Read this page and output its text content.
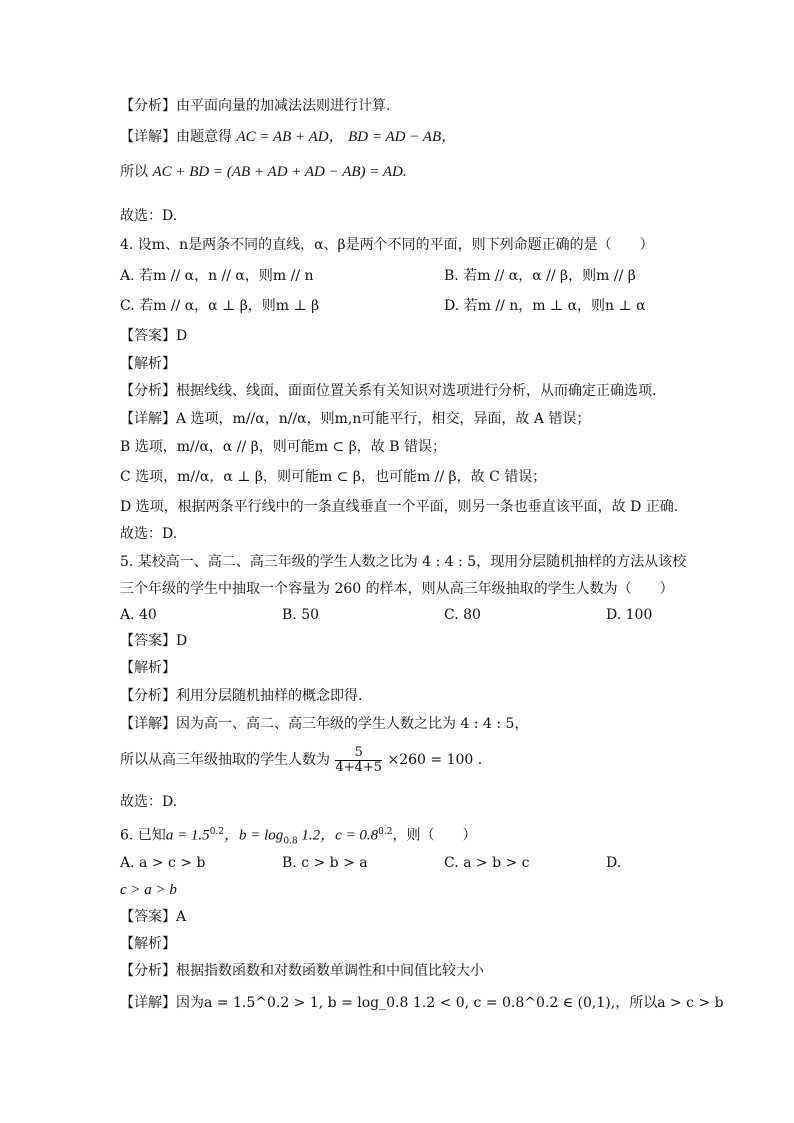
【分析】由平面向量的加减法法则进行计算.
【详解】由题意得 AC = AB + AD， BD = AD − AB，
所以 AC + BD = (AB + AD + AD − AB) = AD.
故选：D.
4. 设m、n是两条不同的直线，α、β是两个不同的平面，则下列命题正确的是（　　）
A. 若m // α，n // α，则m // n	B. 若m // α，α // β，则m // β
C. 若m // α，α ⊥ β，则m ⊥ β	D. 若m // n，m ⊥ α，则n ⊥ α
【答案】D
【解析】
【分析】根据线线、线面、面面位置关系有关知识对选项进行分析，从而确定正确选项.
【详解】A 选项，m//α，n//α，则m,n可能平行，相交，异面，故 A 错误；
B 选项，m//α，α // β，则可能m ⊂ β，故 B 错误；
C 选项，m//α，α ⊥ β，则可能m ⊂ β，也可能m // β，故 C 错误；
D 选项，根据两条平行线中的一条直线垂直一个平面，则另一条也垂直该平面，故 D 正确.
故选：D.
5. 某校高一、高二、高三年级的学生人数之比为 4 : 4 : 5，现用分层随机抽样的方法从该校
三个年级的学生中抽取一个容量为 260 的样本，则从高三年级抽取的学生人数为（　　）
A. 40	B. 50	C. 80	D. 100
【答案】D
【解析】
【分析】利用分层随机抽样的概念即得.
【详解】因为高一、高二、高三年级的学生人数之比为 4 : 4 : 5，
所以从高三年级抽取的学生人数为 $\frac{5}{4+4+5} \times 260 = 100$ .
故选：D.
6. 已知$a = 1.5^{0.2}$，$b = \log_{0.8} 1.2$，$c = 0.8^{0.2}$，则（　　）
A. a > c > b	B. c > b > a	C. a > b > c	D.
c > a > b
【答案】A
【解析】
【分析】根据指数函数和对数函数单调性和中间值比较大小
【详解】因为a = 1.5^0.2 > 1, b = log_0.8 1.2 < 0, c = 0.8^0.2 ∈ (0,1),，所以a > c > b
